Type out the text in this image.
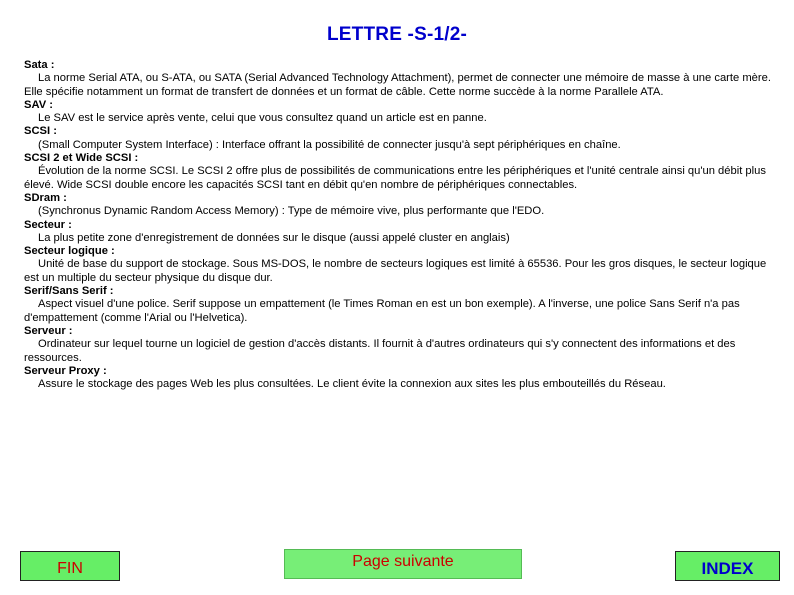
LETTRE -S-1/2-
Sata :
La norme Serial ATA, ou S-ATA, ou SATA (Serial Advanced Technology Attachment), permet de connecter une mémoire de masse à une carte mère. Elle spécifie notamment un format de transfert de données et un format de câble. Cette norme succède à la norme Parallele ATA.
SAV :
Le SAV est le service après vente, celui que vous consultez quand un article est en panne.
SCSI :
(Small Computer System Interface) : Interface offrant la possibilité de connecter jusqu'à sept périphériques en chaîne.
SCSI 2 et Wide SCSI :
Évolution de la norme SCSI. Le SCSI 2 offre plus de possibilités de communications entre les périphériques et l'unité centrale ainsi qu'un débit plus élevé. Wide SCSI double encore les capacités SCSI tant en débit qu'en nombre de périphériques connectables.
SDram :
(Synchronus Dynamic Random Access Memory) : Type de mémoire vive, plus performante que l'EDO.
Secteur :
La plus petite zone d'enregistrement de données sur le disque (aussi appelé cluster en anglais)
Secteur logique :
Unité de base du support de stockage. Sous MS-DOS, le nombre de secteurs logiques est limité à 65536. Pour les gros disques, le secteur logique est un multiple du secteur physique du disque dur.
Serif/Sans Serif :
Aspect visuel d'une police. Serif suppose un empattement (le Times Roman en est un bon exemple). A l'inverse, une police Sans Serif n'a pas d'empattement (comme l'Arial ou l'Helvetica).
Serveur :
Ordinateur sur lequel tourne un logiciel de gestion d'accès distants. Il fournit à d'autres ordinateurs qui s'y connectent des informations et des ressources.
Serveur Proxy :
Assure le stockage des pages Web les plus consultées. Le client évite la connexion aux sites les plus embouteillés du Réseau.
FIN	Page suivante	INDEX
